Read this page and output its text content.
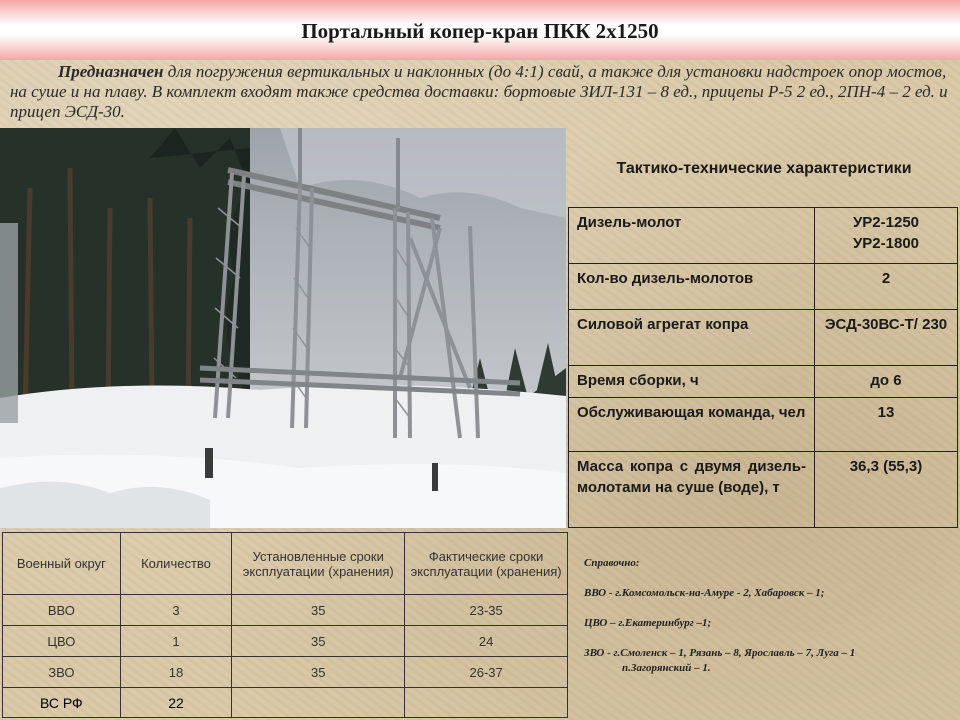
Портальный копер-кран ПКК 2х1250
Предназначен для погружения вертикальных и наклонных (до 4:1) свай, а также для установки надстроек опор мостов, на суше и на плаву. В комплект входят также средства доставки: бортовые ЗИЛ-131 – 8 ед., прицепы Р-5 2 ед., 2ПН-4 – 2 ед. и прицеп ЭСД-30.
Тактико-технические характеристики
Дизель-молот	УР2-1250
УР2-1800

Кол-во дизель-молотов	2
Силовой агрегат копра	ЭСД-30ВС-Т/ 230
Время сборки, ч	до 6
Обслуживающая команда, чел	13
Масса копра с двумя дизель-молотами на суше (воде), т	36,3 (55,3)
Военный округ	Количество	Установленные сроки эксплуатации (хранения)	Фактические сроки эксплуатации (хранения)
ВВО	3	35	23-35
ЦВО	1	35	24
ЗВО	18	35	26-37
ВС РФ	22		

Справочно:

ВВО - г.Комсомольск-на-Амуре - 2, Хабаровск – 1;

ЦВО – г.Екатеринбург –1;

ЗВО - г.Смоленск – 1, Рязань – 8, Ярославль – 7, Луга – 1
п.Загорянский – 1.
